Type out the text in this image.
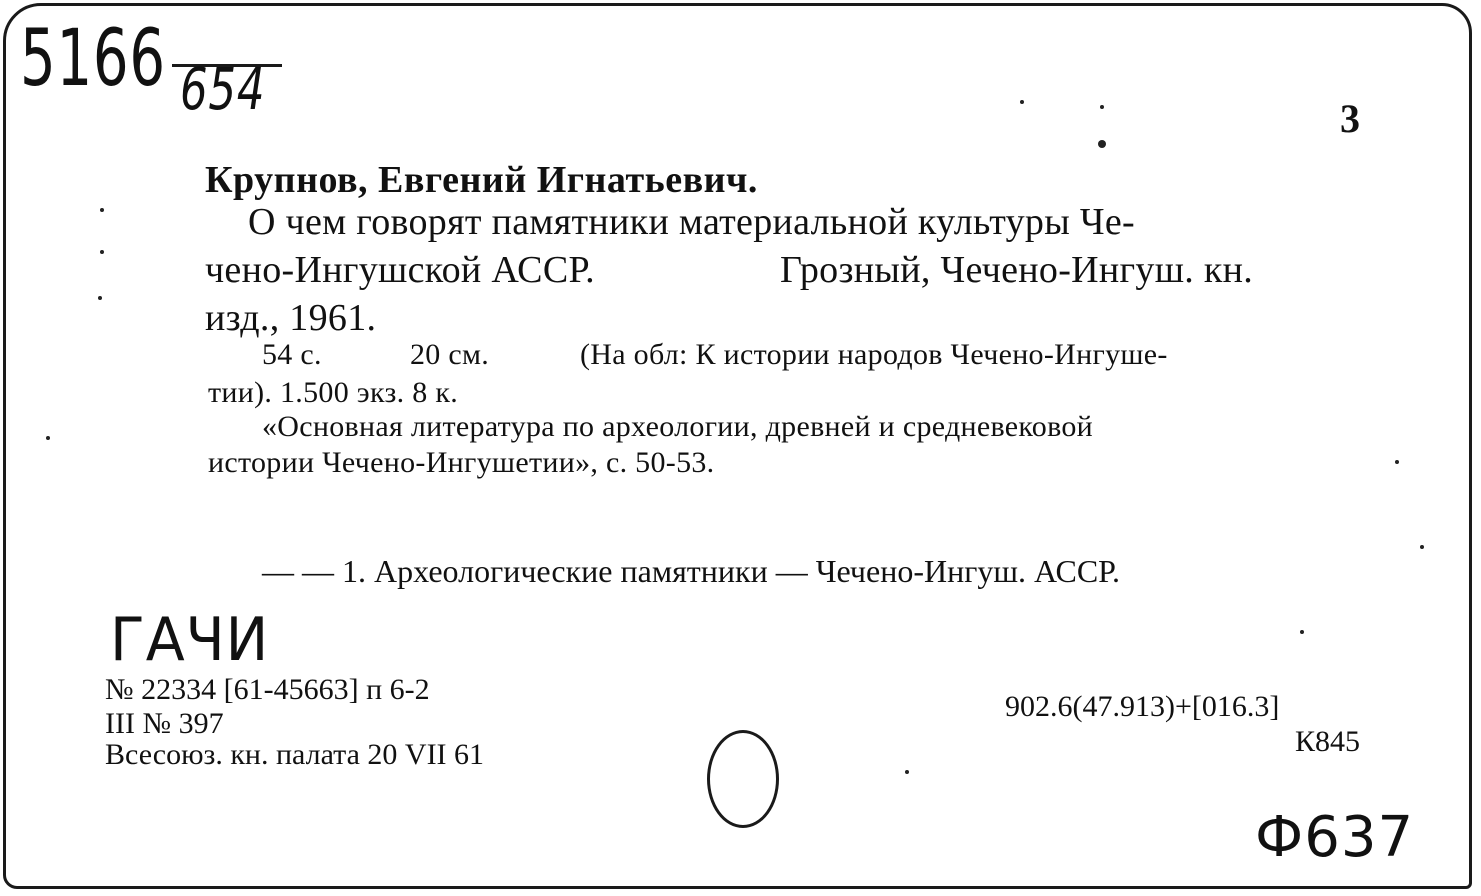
5166 654	3
Крупнов, Евгений Игнатьевич.
О чем говорят памятники материальной культуры Че-
чено-Ингушской АССР.	Грозный, Чечено-Ингуш. кн.
изд., 1961.
54 с.	20 см.	(На обл: К истории народов Чечено-Ингуше-
тии). 1.500 экз. 8 к.
«Основная литература по археологии, древней и средневековой
истории Чечено-Ингушетии», с. 50-53.
— — 1. Археологические памятники — Чечено-Ингуш. АССР.
ГАЧИ
№ 22334 [61-45663] п 6-2
III № 397
Всесоюз. кн. палата 20 VII 61
902.6(47.913)+[016.3]
К845
Ф637
